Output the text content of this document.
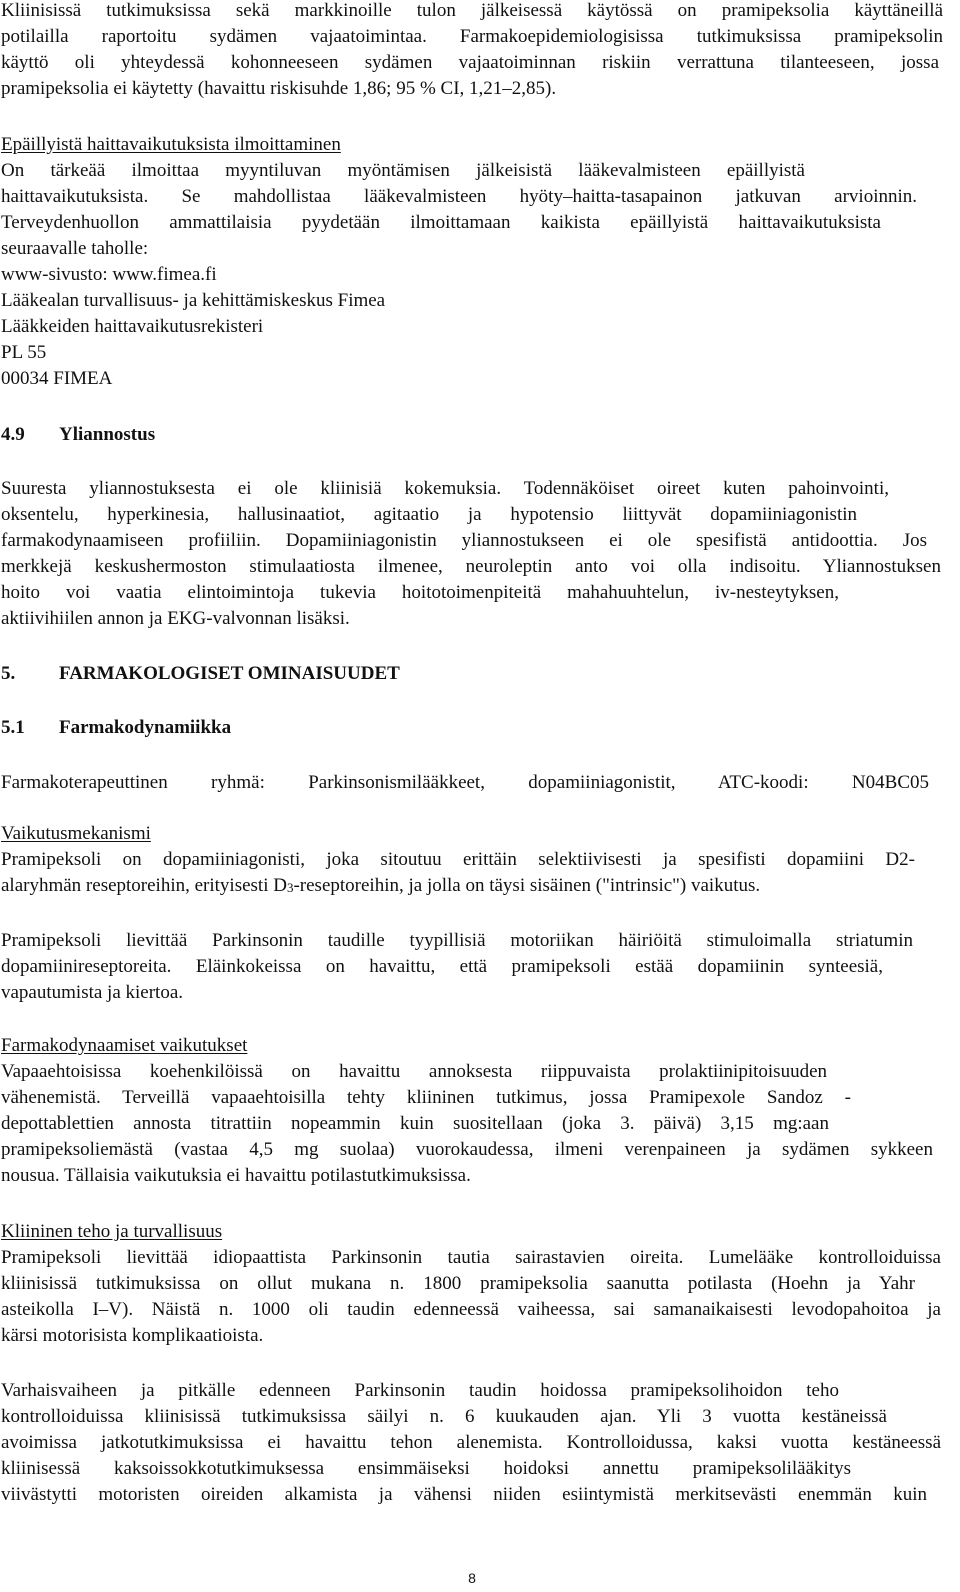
Kliinisissä tutkimuksissa sekä markkinoille tulon jälkeisessä käytössä on pramipeksolia käyttäneillä
potilailla raportoitu sydämen vajaatoimintaa. Farmakoepidemiologisissa tutkimuksissa pramipeksolin
käyttö oli yhteydessä kohonneeseen sydämen vajaatoiminnan riskiin verrattuna tilanteeseen, jossa
pramipeksolia ei käytetty (havaittu riskisuhde 1,86; 95 % CI, 1,21–2,85).
Epäillyistä haittavaikutuksista ilmoittaminen
On tärkeää ilmoittaa myyntiluvan myöntämisen jälkeisistä lääkevalmisteen epäillyistä
haittavaikutuksista. Se mahdollistaa lääkevalmisteen hyöty–haitta-tasapainon jatkuvan arvioinnin.
Terveydenhuollon ammattilaisia pyydetään ilmoittamaan kaikista epäillyistä haittavaikutuksista
seuraavalle taholle:
www-sivusto: www.fimea.fi
Lääkealan turvallisuus- ja kehittämiskeskus Fimea
Lääkkeiden haittavaikutusrekisteri
PL 55
00034 FIMEA
4.9 Yliannostus
Suuresta yliannostuksesta ei ole kliinisiä kokemuksia. Todennäköiset oireet kuten pahoinvointi,
oksentelu, hyperkinesia, hallusinaatiot, agitaatio ja hypotensio liittyvät dopamiiniagonistin
farmakodynaamiseen profiiliin. Dopamiiniagonistin yliannostukseen ei ole spesifistä antidoottia. Jos
merkkejä keskushermoston stimulaatiosta ilmenee, neuroleptin anto voi olla indisoitu. Yliannostuksen
hoito voi vaatia elintoimintoja tukevia hoitotoimenpiteitä mahahuuhtelun, iv-nesteytyksen,
aktiivihiilen annon ja EKG-valvonnan lisäksi.
5. FARMAKOLOGISET OMINAISUUDET
5.1 Farmakodynamiikka
Farmakoterapeuttinen ryhmä: Parkinsonismilääkkeet, dopamiiniagonistit, ATC-koodi: N04BC05
Vaikutusmekanismi
Pramipeksoli on dopamiiniagonisti, joka sitoutuu erittäin selektiivisesti ja spesifisti dopamiini D2-
alaryhmän reseptoreihin, erityisesti $D_3$-reseptoreihin, ja jolla on täysi sisäinen ("intrinsic") vaikutus.
Pramipeksoli lievittää Parkinsonin taudille tyypillisiä motoriikan häiriöitä stimuloimalla striatumin
dopamiinireseptoreita. Eläinkokeissa on havaittu, että pramipeksoli estää dopamiinin synteesiä,
vapautumista ja kiertoa.
Farmakodynaamiset vaikutukset
Vapaaehtoisissa koehenkilöissä on havaittu annoksesta riippuvaista prolaktiinipitoisuuden
vähenemistä. Terveillä vapaaehtoisilla tehty kliininen tutkimus, jossa Pramipexole Sandoz -
depottablettien annosta titrattiin nopeammin kuin suositellaan (joka 3. päivä) 3,15 mg:aan
pramipeksoliemästä (vastaa 4,5 mg suolaa) vuorokaudessa, ilmeni verenpaineen ja sydämen sykkeen
nousua. Tällaisia vaikutuksia ei havaittu potilastutkimuksissa.
Kliininen teho ja turvallisuus
Pramipeksoli lievittää idiopaattista Parkinsonin tautia sairastavien oireita. Lumelääke kontrolloiduissa
kliinisissä tutkimuksissa on ollut mukana n. 1800 pramipeksolia saanutta potilasta (Hoehn ja Yahr
asteikolla I–V). Näistä n. 1000 oli taudin edenneessä vaiheessa, sai samanaikaisesti levodopahoitoa ja
kärsi motorisista komplikaatioista.
Varhaisvaiheen ja pitkälle edenneen Parkinsonin taudin hoidossa pramipeksolihoidon teho
kontrolloiduissa kliinisissä tutkimuksissa säilyi n. 6 kuukauden ajan. Yli 3 vuotta kestäneissä
avoimissa jatkotutkimuksissa ei havaittu tehon alenemista. Kontrolloidussa, kaksi vuotta kestäneessä
kliinisessä kaksoissokkotutkimuksessa ensimmäiseksi hoidoksi annettu pramipeksolilääkitys
viivästytti motoristen oireiden alkamista ja vähensi niiden esiintymistä merkitsevästi enemmän kuin
8
